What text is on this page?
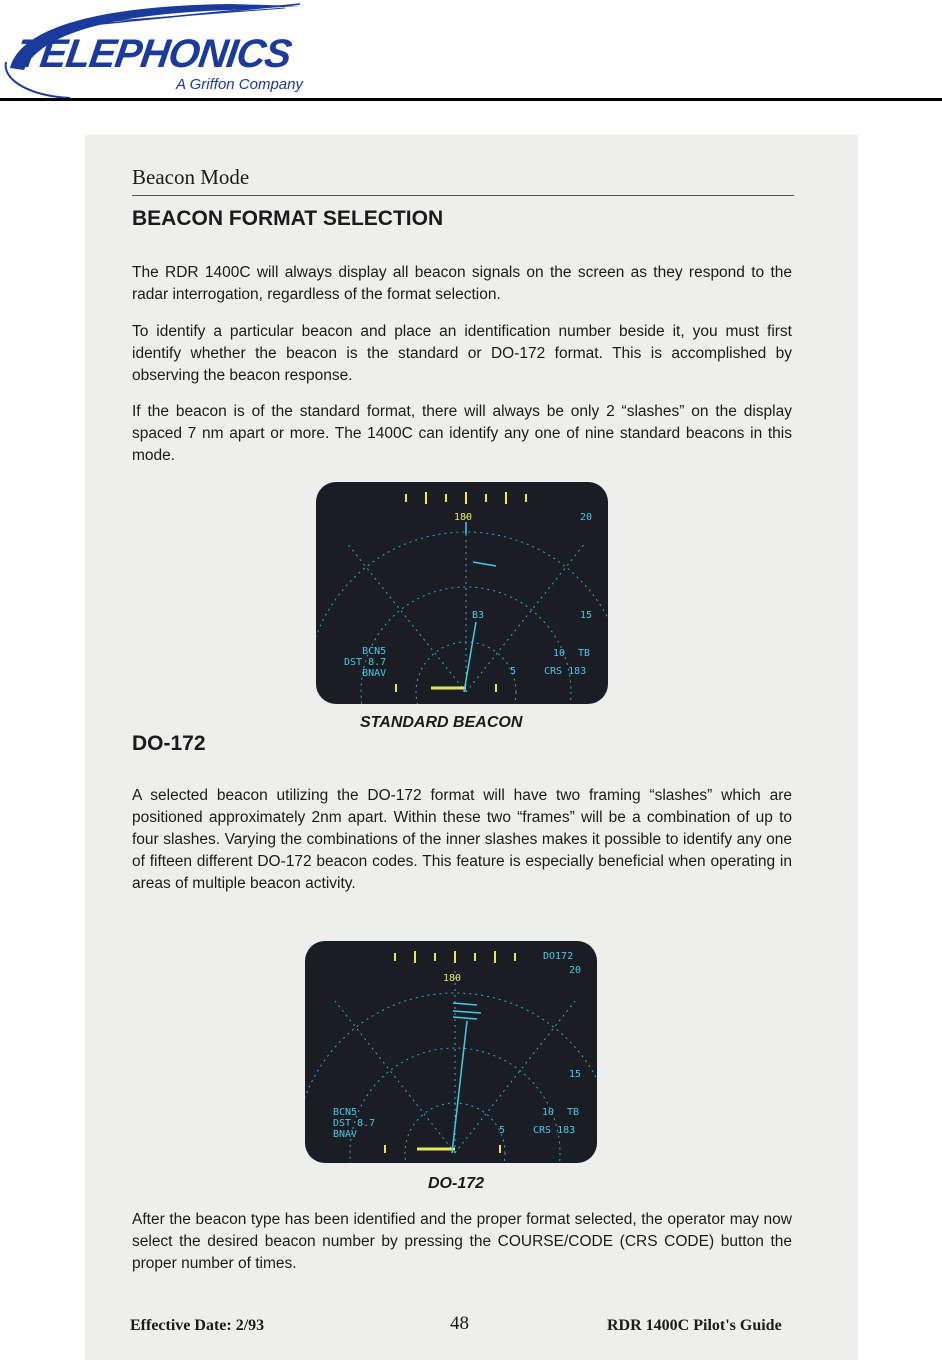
TELEPHONICS
A Griffon Company
Beacon Mode
BEACON FORMAT SELECTION
The RDR 1400C will always display all beacon signals on the screen as they respond to the radar interrogation, regardless of the format selection.
To identify a particular beacon and place an identification number beside it, you must first identify whether the beacon is the standard or DO-172 format. This is accomplished by observing the beacon response.
If the beacon is of the standard format, there will always be only 2 “slashes” on the display spaced 7 nm apart or more. The 1400C can identify any one of nine standard beacons in this mode.
180	20
15
10
5
B3
BCN5
DST 8.7
BNAV
TB
CRS 183
STANDARD BEACON
DO-172
A selected beacon utilizing the DO-172 format will have two framing “slashes” which are positioned approximately 2nm apart. Within these two “frames” will be a combination of up to four slashes. Varying the combinations of the inner slashes makes it possible to identify any one of fifteen different DO-172 beacon codes. This feature is especially beneficial when operating in areas of multiple beacon activity.
180
DO172
20
15
10
5
BCN5
DST 8.7
BNAV
TB
CRS 183
DO-172
After the beacon type has been identified and the proper format selected, the operator may now select the desired beacon number by pressing the COURSE/CODE (CRS CODE) button the proper number of times.
Effective Date: 2/93	48	RDR 1400C Pilot's Guide
